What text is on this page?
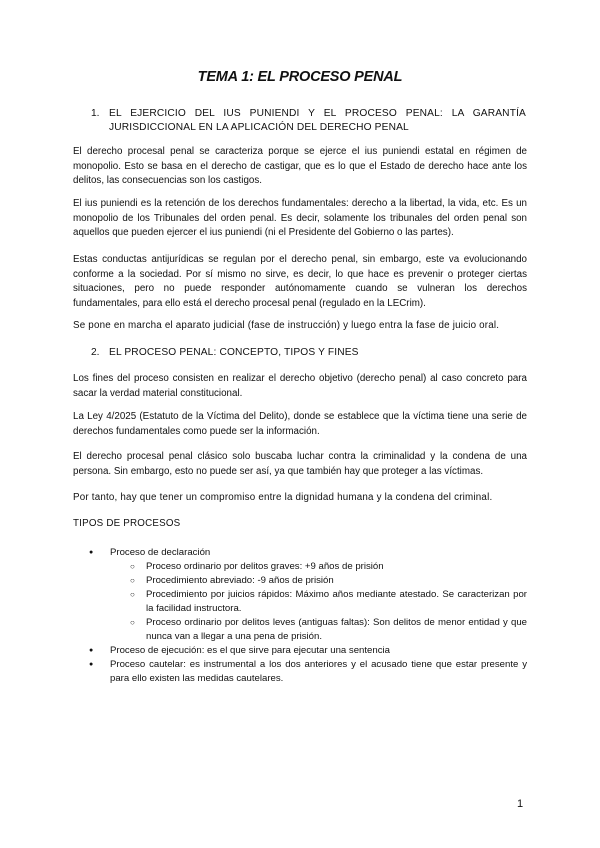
TEMA 1: EL PROCESO PENAL
1. EL EJERCICIO DEL IUS PUNIENDI Y EL PROCESO PENAL: LA GARANTÍA JURISDICCIONAL EN LA APLICACIÓN DEL DERECHO PENAL
El derecho procesal penal se caracteriza porque se ejerce el ius puniendi estatal en régimen de monopolio. Esto se basa en el derecho de castigar, que es lo que el Estado de derecho hace ante los delitos, las consecuencias son los castigos.
El ius puniendi es la retención de los derechos fundamentales: derecho a la libertad, la vida, etc. Es un monopolio de los Tribunales del orden penal. Es decir, solamente los tribunales del orden penal son aquellos que pueden ejercer el ius puniendi (ni el Presidente del Gobierno o las partes).
Estas conductas antijurídicas se regulan por el derecho penal, sin embargo, este va evolucionando conforme a la sociedad. Por sí mismo no sirve, es decir, lo que hace es prevenir o proteger ciertas situaciones, pero no puede responder autónomamente cuando se vulneran los derechos fundamentales, para ello está el derecho procesal penal (regulado en la LECrim).
Se pone en marcha el aparato judicial (fase de instrucción) y luego entra la fase de juicio oral.
2. EL PROCESO PENAL: CONCEPTO, TIPOS Y FINES
Los fines del proceso consisten en realizar el derecho objetivo (derecho penal) al caso concreto para sacar la verdad material constitucional.
La Ley 4/2025 (Estatuto de la Víctima del Delito), donde se establece que la víctima tiene una serie de derechos fundamentales como puede ser la información.
El derecho procesal penal clásico solo buscaba luchar contra la criminalidad y la condena de una persona. Sin embargo, esto no puede ser así, ya que también hay que proteger a las víctimas.
Por tanto, hay que tener un compromiso entre la dignidad humana y la condena del criminal.
TIPOS DE PROCESOS
● Proceso de declaración
○ Proceso ordinario por delitos graves: +9 años de prisión
○ Procedimiento abreviado: -9 años de prisión
○ Procedimiento por juicios rápidos: Máximo años mediante atestado. Se caracterizan por la facilidad instructora.
○ Proceso ordinario por delitos leves (antiguas faltas): Son delitos de menor entidad y que nunca van a llegar a una pena de prisión.
● Proceso de ejecución: es el que sirve para ejecutar una sentencia
● Proceso cautelar: es instrumental a los dos anteriores y el acusado tiene que estar presente y para ello existen las medidas cautelares.
1
